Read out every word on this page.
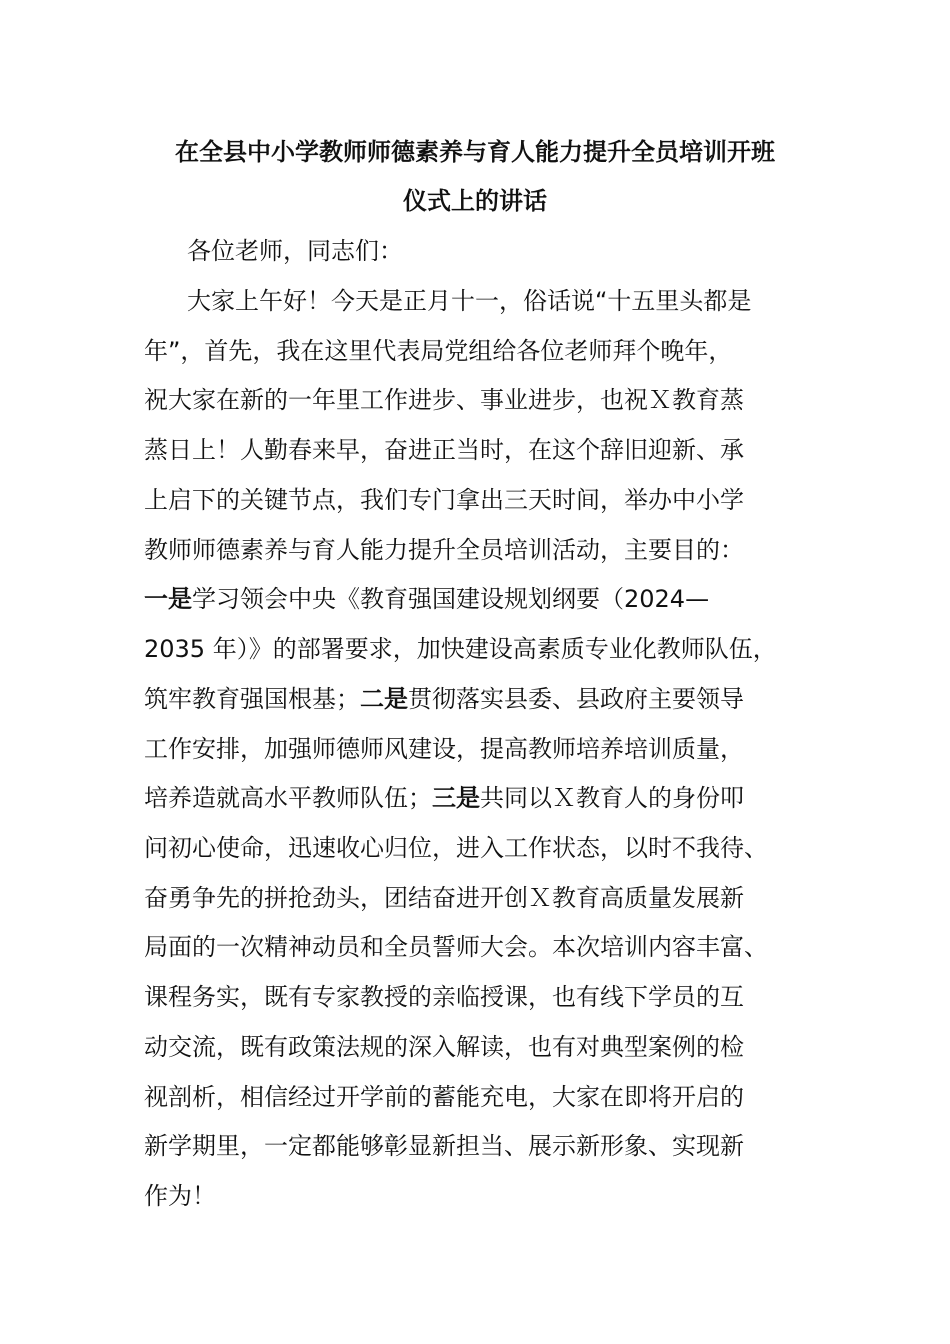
在全县中小学教师师德素养与育人能力提升全员培训开班
仪式上的讲话
各位老师，同志们：
大家上午好！今天是正月十一，俗话说“十五里头都是
年”，首先，我在这里代表局党组给各位老师拜个晚年，
祝大家在新的一年里工作进步、事业进步，也祝Ｘ教育蒸
蒸日上！人勤春来早，奋进正当时，在这个辞旧迎新、承
上启下的关键节点，我们专门拿出三天时间，举办中小学
教师师德素养与育人能力提升全员培训活动，主要目的：
一是学习领会中央《教育强国建设规划纲要（2024—
2035 年）》的部署要求，加快建设高素质专业化教师队伍，
筑牢教育强国根基；二是贯彻落实县委、县政府主要领导
工作安排，加强师德师风建设，提高教师培养培训质量，
培养造就高水平教师队伍；三是共同以Ｘ教育人的身份叩
问初心使命，迅速收心归位，进入工作状态，以时不我待、
奋勇争先的拼抢劲头，团结奋进开创Ｘ教育高质量发展新
局面的一次精神动员和全员誓师大会。本次培训内容丰富、
课程务实，既有专家教授的亲临授课，也有线下学员的互
动交流，既有政策法规的深入解读，也有对典型案例的检
视剖析，相信经过开学前的蓄能充电，大家在即将开启的
新学期里，一定都能够彰显新担当、展示新形象、实现新
作为！
